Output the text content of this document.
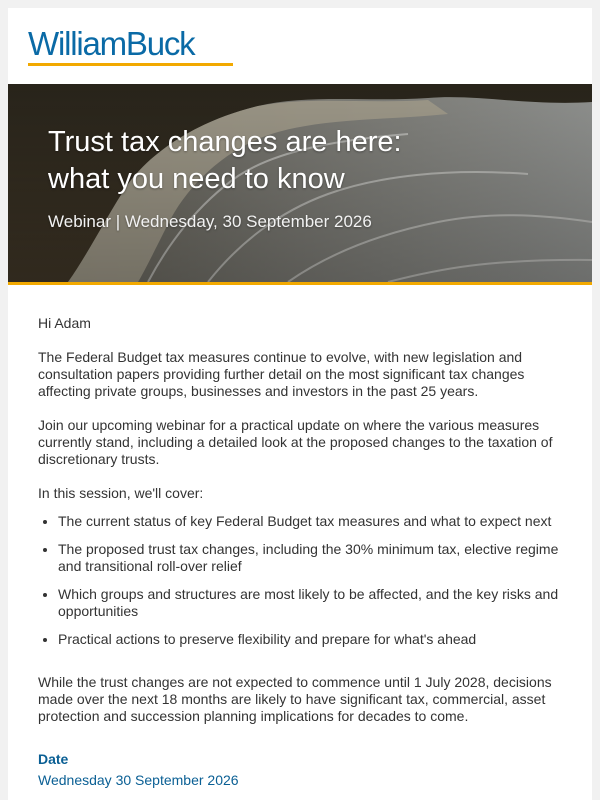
WilliamBuck
Trust tax changes are here:
what you need to know
Webinar | Wednesday, 30 September 2026

Hi Adam

The Federal Budget tax measures continue to evolve, with new legislation and consultation papers providing further detail on the most significant tax changes affecting private groups, businesses and investors in the past 25 years.

Join our upcoming webinar for a practical update on where the various measures currently stand, including a detailed look at the proposed changes to the taxation of discretionary trusts.

In this session, we'll cover:

• The current status of key Federal Budget tax measures and what to expect next
• The proposed trust tax changes, including the 30% minimum tax, elective regime and transitional roll-over relief
• Which groups and structures are most likely to be affected, and the key risks and opportunities
• Practical actions to preserve flexibility and prepare for what's ahead

While the trust changes are not expected to commence until 1 July 2028, decisions made over the next 18 months are likely to have significant tax, commercial, asset protection and succession planning implications for decades to come.

Date
Wednesday 30 September 2026
